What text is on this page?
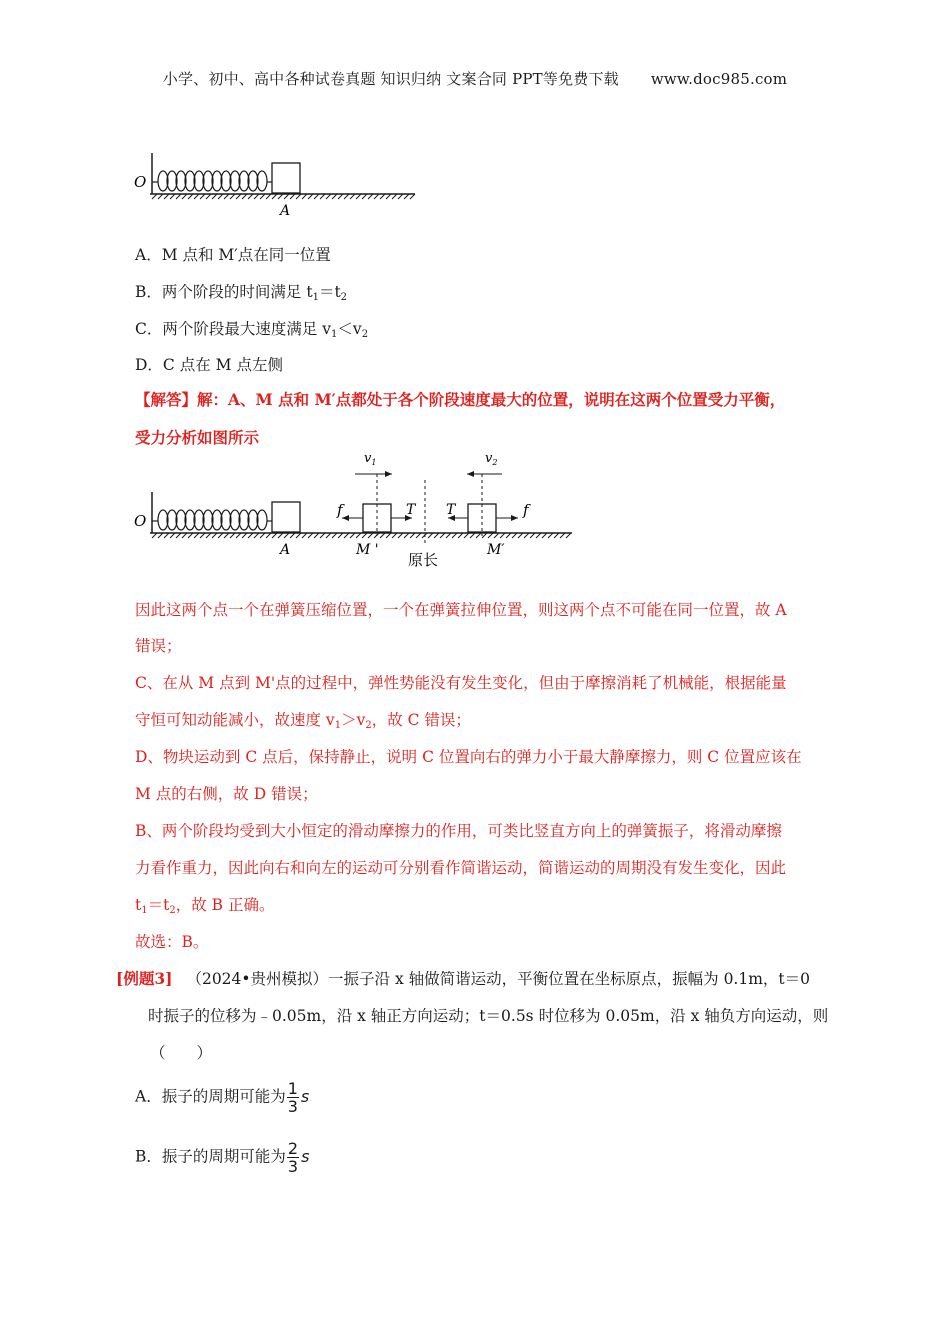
小学、初中、高中各种试卷真题 知识归纳 文案合同 PPT等免费下载 www.doc985.com
O
A
A．M 点和 M′点在同一位置
B．两个阶段的时间满足 $t_1=t_2$
C．两个阶段最大速度满足 $v_1<v_2$
D．C 点在 M 点左侧
【解答】解：A、M 点和 M′点都处于各个阶段速度最大的位置，说明在这两个位置受力平衡，
受力分析如图所示
O
A
$v_1$
f	T
M '
原长
$v_2$
T	f
M′
因此这两个点一个在弹簧压缩位置，一个在弹簧拉伸位置，则这两个点不可能在同一位置，故 A
错误；
C、在从 M 点到 M'点的过程中，弹性势能没有发生变化，但由于摩擦消耗了机械能，根据能量
守恒可知动能减小，故速度 $v_1>v_2$，故 C 错误；
D、物块运动到 C 点后，保持静止，说明 C 位置向右的弹力小于最大静摩擦力，则 C 位置应该在
M 点的右侧，故 D 错误；
B、两个阶段均受到大小恒定的滑动摩擦力的作用，可类比竖直方向上的弹簧振子，将滑动摩擦
力看作重力，因此向右和向左的运动可分别看作简谐运动，简谐运动的周期没有发生变化，因此
$t_1=t_2$，故 B 正确。
故选：B。
[例题3] （2024•贵州模拟）一振子沿 x 轴做简谐运动，平衡位置在坐标原点，振幅为 0.1m，t＝0
时振子的位移为﹣0.05m，沿 x 轴正方向运动；t＝0.5s 时位移为 0.05m，沿 x 轴负方向运动，则
（　　）
A．振子的周期可能为 $\frac{1}{3}$ s
B．振子的周期可能为 $\frac{2}{3}$ s
